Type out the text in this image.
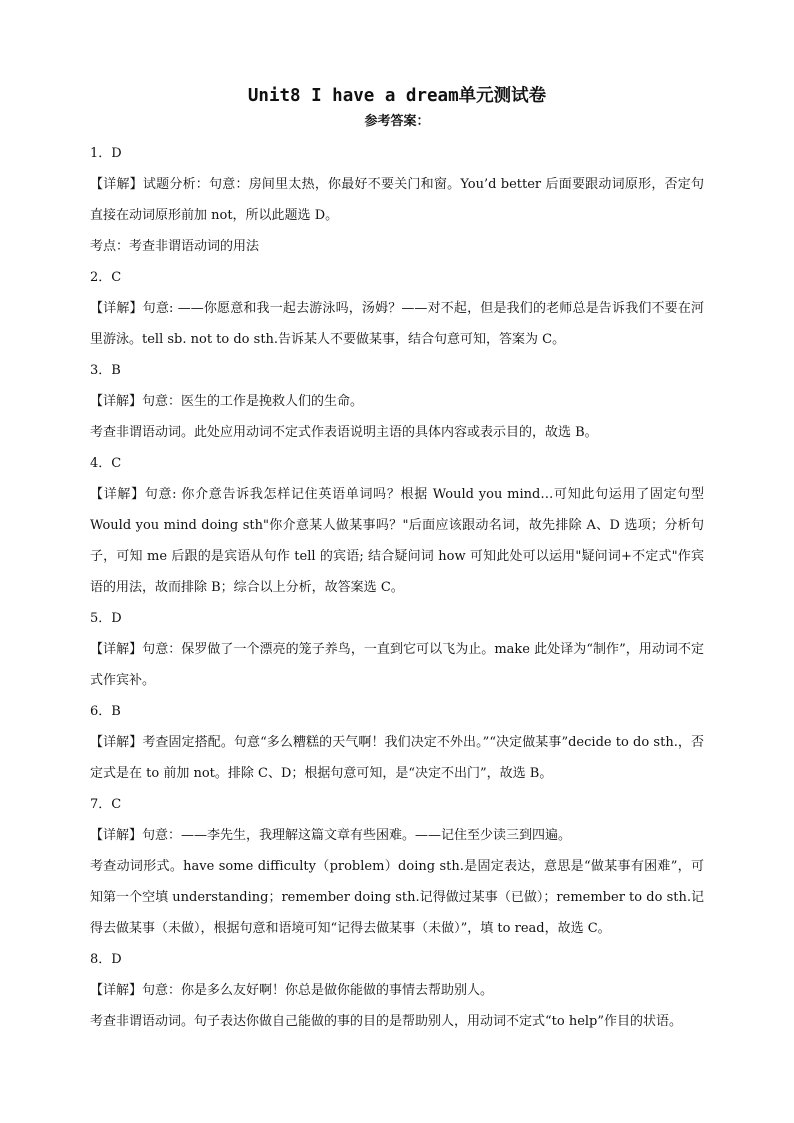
Unit8 I have a dream单元测试卷
参考答案：
1．D

【详解】试题分析：句意：房间里太热，你最好不要关门和窗。You’d better 后面要跟动词原形，否定句直接在动词原形前加 not，所以此题选 D。

考点：考查非谓语动词的用法

2．C

【详解】句意: ——你愿意和我一起去游泳吗，汤姆？——对不起，但是我们的老师总是告诉我们不要在河里游泳。tell sb. not to do sth.告诉某人不要做某事，结合句意可知，答案为 C。

3．B

【详解】句意：医生的工作是挽救人们的生命。

考查非谓语动词。此处应用动词不定式作表语说明主语的具体内容或表示目的，故选 B。

4．C

【详解】句意: 你介意告诉我怎样记住英语单词吗？根据 Would you mind…可知此句运用了固定句型 Would you mind doing sth"你介意某人做某事吗？"后面应该跟动名词，故先排除 A、D 选项；分析句子，可知 me 后跟的是宾语从句作 tell 的宾语; 结合疑问词 how 可知此处可以运用"疑问词+不定式"作宾语的用法，故而排除 B；综合以上分析，故答案选 C。

5．D

【详解】句意：保罗做了一个漂亮的笼子养鸟，一直到它可以飞为止。make 此处译为“制作”，用动词不定式作宾补。

6．B

【详解】考查固定搭配。句意“多么糟糕的天气啊！我们决定不外出。”“决定做某事”decide to do sth.，否定式是在 to 前加 not。排除 C、D；根据句意可知，是“决定不出门”，故选 B。

7．C

【详解】句意：——李先生，我理解这篇文章有些困难。——记住至少读三到四遍。

考查动词形式。have some difficulty（problem）doing sth.是固定表达，意思是“做某事有困难”，可知第一个空填 understanding；remember doing sth.记得做过某事（已做）；remember to do sth.记得去做某事（未做），根据句意和语境可知“记得去做某事（未做）”，填 to read，故选 C。

8．D

【详解】句意：你是多么友好啊！你总是做你能做的事情去帮助别人。

考查非谓语动词。句子表达你做自己能做的事的目的是帮助别人，用动词不定式“to help”作目的状语。
